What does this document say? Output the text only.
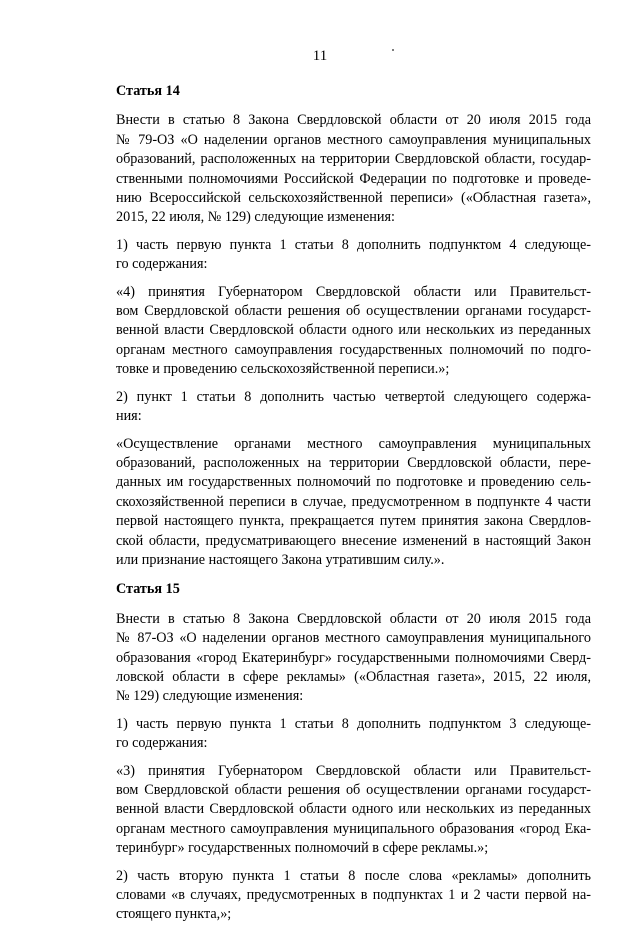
11
Статья 14

Внести в статью 8 Закона Свердловской области от 20 июля 2015 года
№ 79-ОЗ «О наделении органов местного самоуправления муниципальных
образований, расположенных на территории Свердловской области, государ-
ственными полномочиями Российской Федерации по подготовке и проведе-
нию Всероссийской сельскохозяйственной переписи» («Областная газета»,
2015, 22 июля, № 129) следующие изменения:

1) часть первую пункта 1 статьи 8 дополнить подпунктом 4 следующе-
го содержания:

«4) принятия Губернатором Свердловской области или Правительст-
вом Свердловской области решения об осуществлении органами государст-
венной власти Свердловской области одного или нескольких из переданных
органам местного самоуправления государственных полномочий по подго-
товке и проведению сельскохозяйственной переписи.»;

2) пункт 1 статьи 8 дополнить частью четвертой следующего содержа-
ния:

«Осуществление органами местного самоуправления муниципальных
образований, расположенных на территории Свердловской области, пере-
данных им государственных полномочий по подготовке и проведению сель-
скохозяйственной переписи в случае, предусмотренном в подпункте 4 части
первой настоящего пункта, прекращается путем принятия закона Свердлов-
ской области, предусматривающего внесение изменений в настоящий Закон
или признание настоящего Закона утратившим силу.».

Статья 15

Внести в статью 8 Закона Свердловской области от 20 июля 2015 года
№ 87-ОЗ «О наделении органов местного самоуправления муниципального
образования «город Екатеринбург» государственными полномочиями Сверд-
ловской области в сфере рекламы» («Областная газета», 2015, 22 июля,
№ 129) следующие изменения:

1) часть первую пункта 1 статьи 8 дополнить подпунктом 3 следующе-
го содержания:

«3) принятия Губернатором Свердловской области или Правительст-
вом Свердловской области решения об осуществлении органами государст-
венной власти Свердловской области одного или нескольких из переданных
органам местного самоуправления муниципального образования «город Ека-
теринбург» государственных полномочий в сфере рекламы.»;

2) часть вторую пункта 1 статьи 8 после слова «рекламы» дополнить
словами «в случаях, предусмотренных в подпунктах 1 и 2 части первой на-
стоящего пункта,»;
